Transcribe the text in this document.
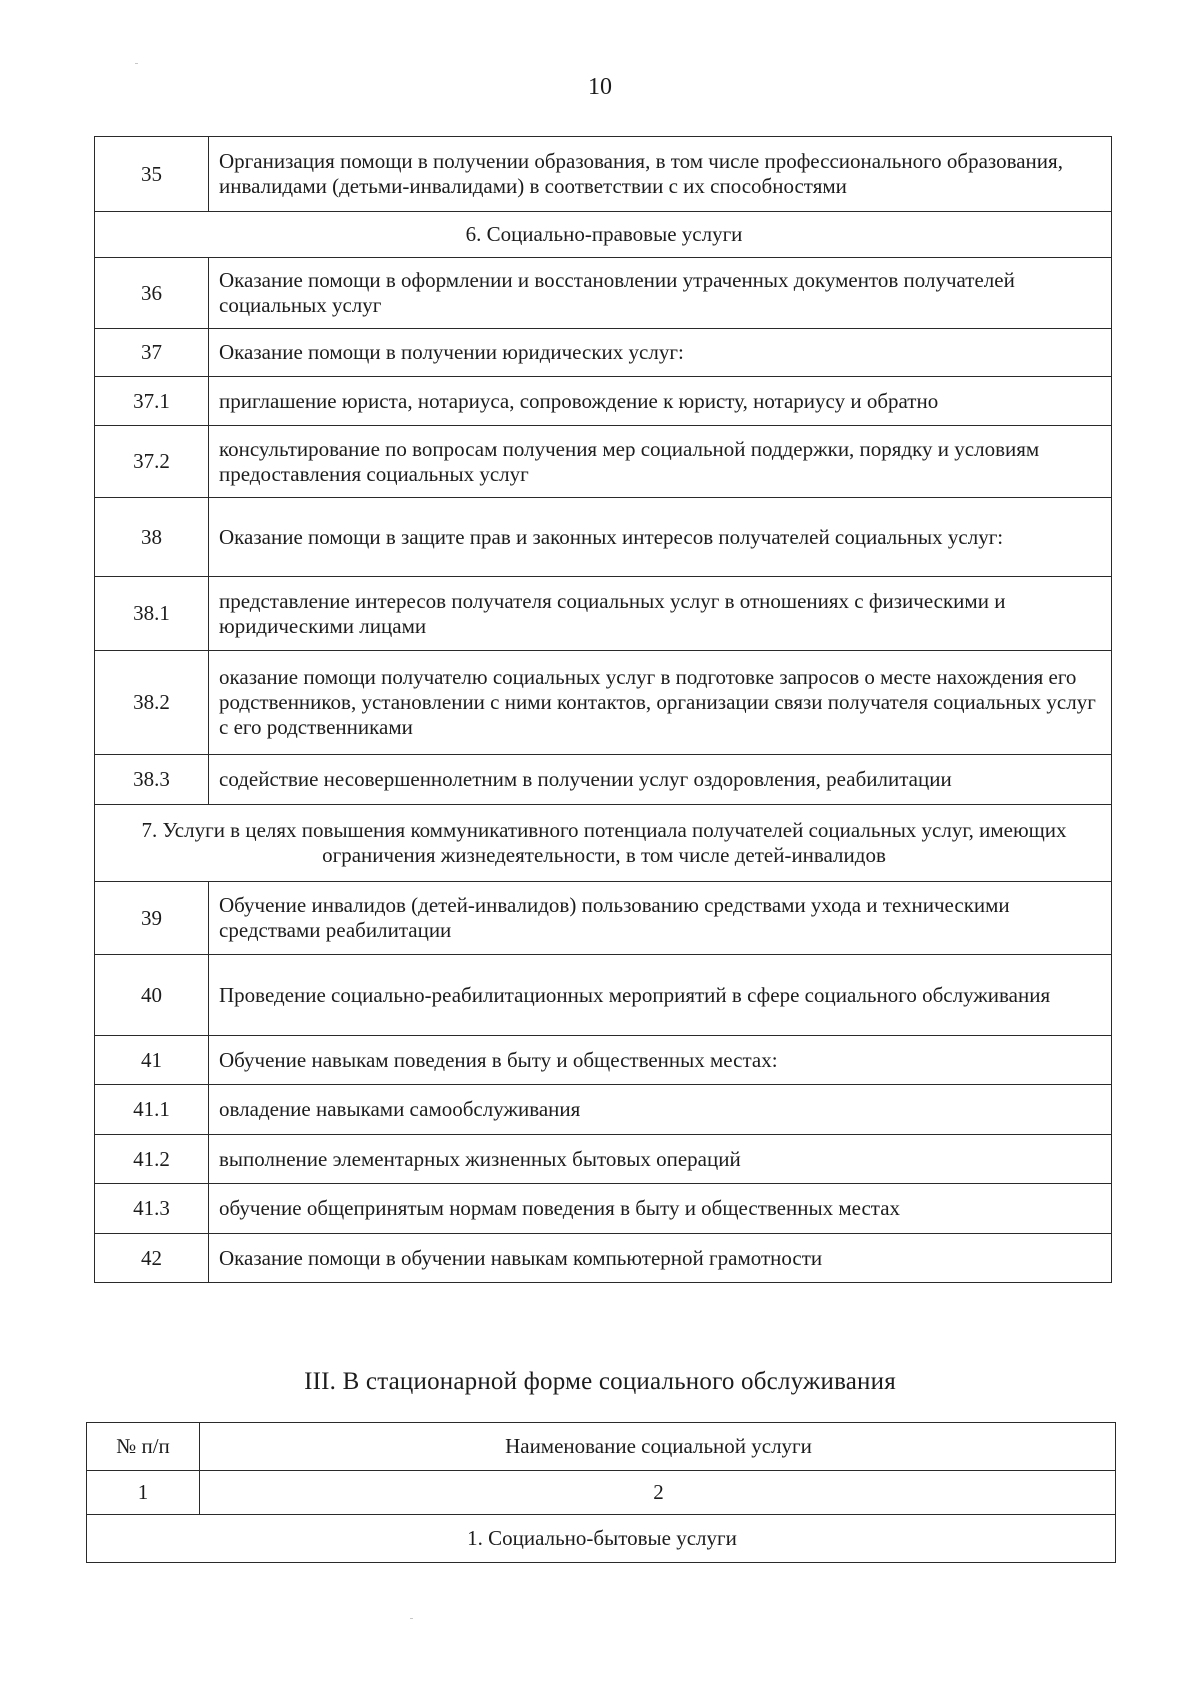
10
35	Организация помощи в получении образования, в том числе профессионального образования, инвалидами (детьми-инвалидами) в соответствии с их способностями
6. Социально-правовые услуги	
36	Оказание помощи в оформлении и восстановлении утраченных документов получателей социальных услуг
37	Оказание помощи в получении юридических услуг:
37.1	приглашение юриста, нотариуса, сопровождение к юристу, нотариусу и обратно
37.2	консультирование по вопросам получения мер социальной поддержки, порядку и условиям предоставления социальных услуг
38	Оказание помощи в защите прав и законных интересов получателей социальных услуг:
38.1	представление интересов получателя социальных услуг в отношениях с физическими и юридическими лицами
38.2	оказание помощи получателю социальных услуг в подготовке запросов о месте нахождения его родственников, установлении с ними контактов, организации связи получателя социальных услуг с его родственниками
38.3	содействие несовершеннолетним в получении услуг оздоровления, реабилитации
7. Услуги в целях повышения коммуникативного потенциала получателей социальных услуг, имеющих ограничения жизнедеятельности, в том числе детей-инвалидов	
39	Обучение инвалидов (детей-инвалидов) пользованию средствами ухода и техническими средствами реабилитации
40	Проведение социально-реабилитационных мероприятий в сфере социального обслуживания
41	Обучение навыкам поведения в быту и общественных местах:
41.1	овладение навыками самообслуживания
41.2	выполнение элементарных жизненных бытовых операций
41.3	обучение общепринятым нормам поведения в быту и общественных местах
42	Оказание помощи в обучении навыкам компьютерной грамотности
III. В стационарной форме социального обслуживания
№ п/п	Наименование социальной услуги
1	2
1. Социально-бытовые услуги	
